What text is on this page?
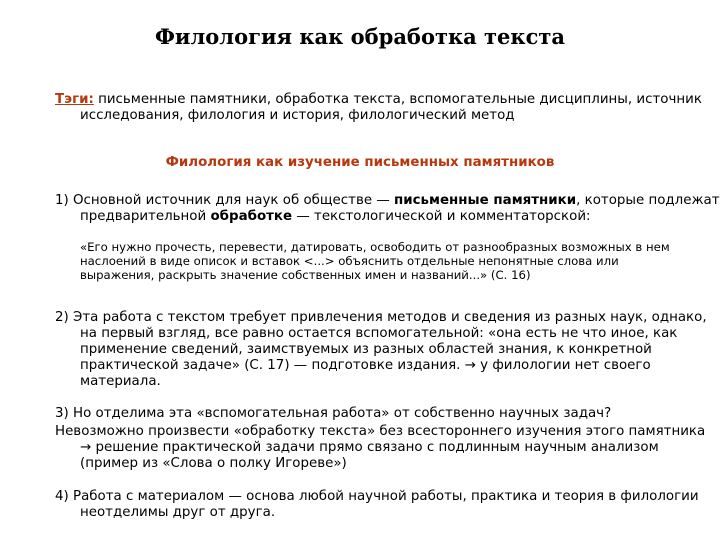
Филология как обработка текста
Тэги: письменные памятники, обработка текста, вспомогательные дисциплины, источник исследования, филология и история, филологический метод
Филология как изучение письменных памятников
1) Основной источник для наук об обществе — письменные памятники, которые подлежат предварительной обработке — текстологической и комментаторской:
«Его нужно прочесть, перевести, датировать, освободить от разнообразных возможных в нем наслоений в виде описок и вставок <...> объяснить отдельные непонятные слова или выражения, раскрыть значение собственных имен и названий...» (С. 16)
2) Эта работа с текстом требует привлечения методов и сведения из разных наук, однако, на первый взгляд, все равно остается вспомогательной: «она есть не что иное, как применение сведений, заимствуемых из разных областей знания, к конкретной практической задаче» (С. 17) — подготовке издания. → у филологии нет своего материала.
3) Но отделима эта «вспомогательная работа» от собственно научных задач?
Невозможно произвести «обработку текста» без всестороннего изучения этого памятника → решение практической задачи прямо связано с подлинным научным анализом (пример из «Слова о полку Игореве»)
4) Работа с материалом — основа любой научной работы, практика и теория в филологии неотделимы друг от друга.
